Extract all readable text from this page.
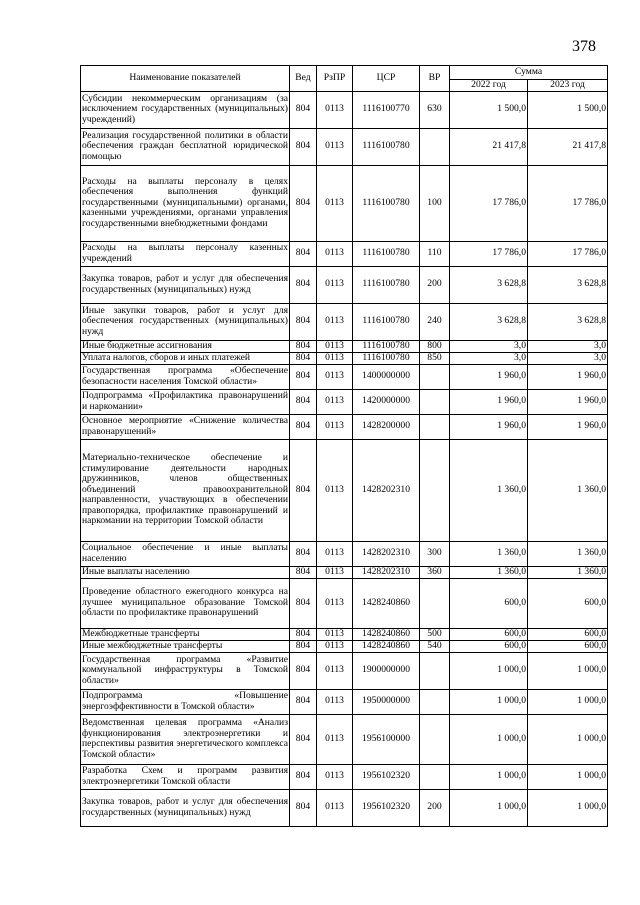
378
Наименование показателей	Вед	РзПР	ЦСР	ВР	Сумма	
					2022 год	2023 год
Субсидии некоммерческим организациям (за исключением государственных (муниципальных) учреждений)	804	0113	1116100770	630	1 500,0	1 500,0
Реализация государственной политики в области обеспечения граждан бесплатной юридической помощью	804	0113	1116100780		21 417,8	21 417,8
Расходы на выплаты персоналу в целях обеспечения выполнения функций государственными (муниципальными) органами, казенными учреждениями, органами управления государственными внебюджетными фондами	804	0113	1116100780	100	17 786,0	17 786,0
Расходы на выплаты персоналу казенных учреждений	804	0113	1116100780	110	17 786,0	17 786,0
Закупка товаров, работ и услуг для обеспечения государственных (муниципальных) нужд	804	0113	1116100780	200	3 628,8	3 628,8
Иные закупки товаров, работ и услуг для обеспечения государственных (муниципальных) нужд	804	0113	1116100780	240	3 628,8	3 628,8
Иные бюджетные ассигнования	804	0113	1116100780	800	3,0	3,0
Уплата налогов, сборов и иных платежей	804	0113	1116100780	850	3,0	3,0
Государственная программа «Обеспечение безопасности населения Томской области»	804	0113	1400000000		1 960,0	1 960,0
Подпрограмма «Профилактика правонарушений и наркомании»	804	0113	1420000000		1 960,0	1 960,0
Основное мероприятие «Снижение количества правонарушений»	804	0113	1428200000		1 960,0	1 960,0
Материально-техническое обеспечение и стимулирование деятельности народных дружинников, членов общественных объединений правоохранительной направленности, участвующих в обеспечении правопорядка, профилактике правонарушений и наркомании на территории Томской области	804	0113	1428202310		1 360,0	1 360,0
Социальное обеспечение и иные выплаты населению	804	0113	1428202310	300	1 360,0	1 360,0
Иные выплаты населению	804	0113	1428202310	360	1 360,0	1 360,0
Проведение областного ежегодного конкурса на лучшее муниципальное образование Томской области по профилактике правонарушений	804	0113	1428240860		600,0	600,0
Межбюджетные трансферты	804	0113	1428240860	500	600,0	600,0
Иные межбюджетные трансферты	804	0113	1428240860	540	600,0	600,0
Государственная программа «Развитие коммунальной инфраструктуры в Томской области»	804	0113	1900000000		1 000,0	1 000,0
Подпрограмма «Повышение энергоэффективности в Томской области»	804	0113	1950000000		1 000,0	1 000,0
Ведомственная целевая программа «Анализ функционирования электроэнергетики и перспективы развития энергетического комплекса Томской области»	804	0113	1956100000		1 000,0	1 000,0
Разработка Схем и программ развития электроэнергетики Томской области	804	0113	1956102320		1 000,0	1 000,0
Закупка товаров, работ и услуг для обеспечения государственных (муниципальных) нужд	804	0113	1956102320	200	1 000,0	1 000,0
